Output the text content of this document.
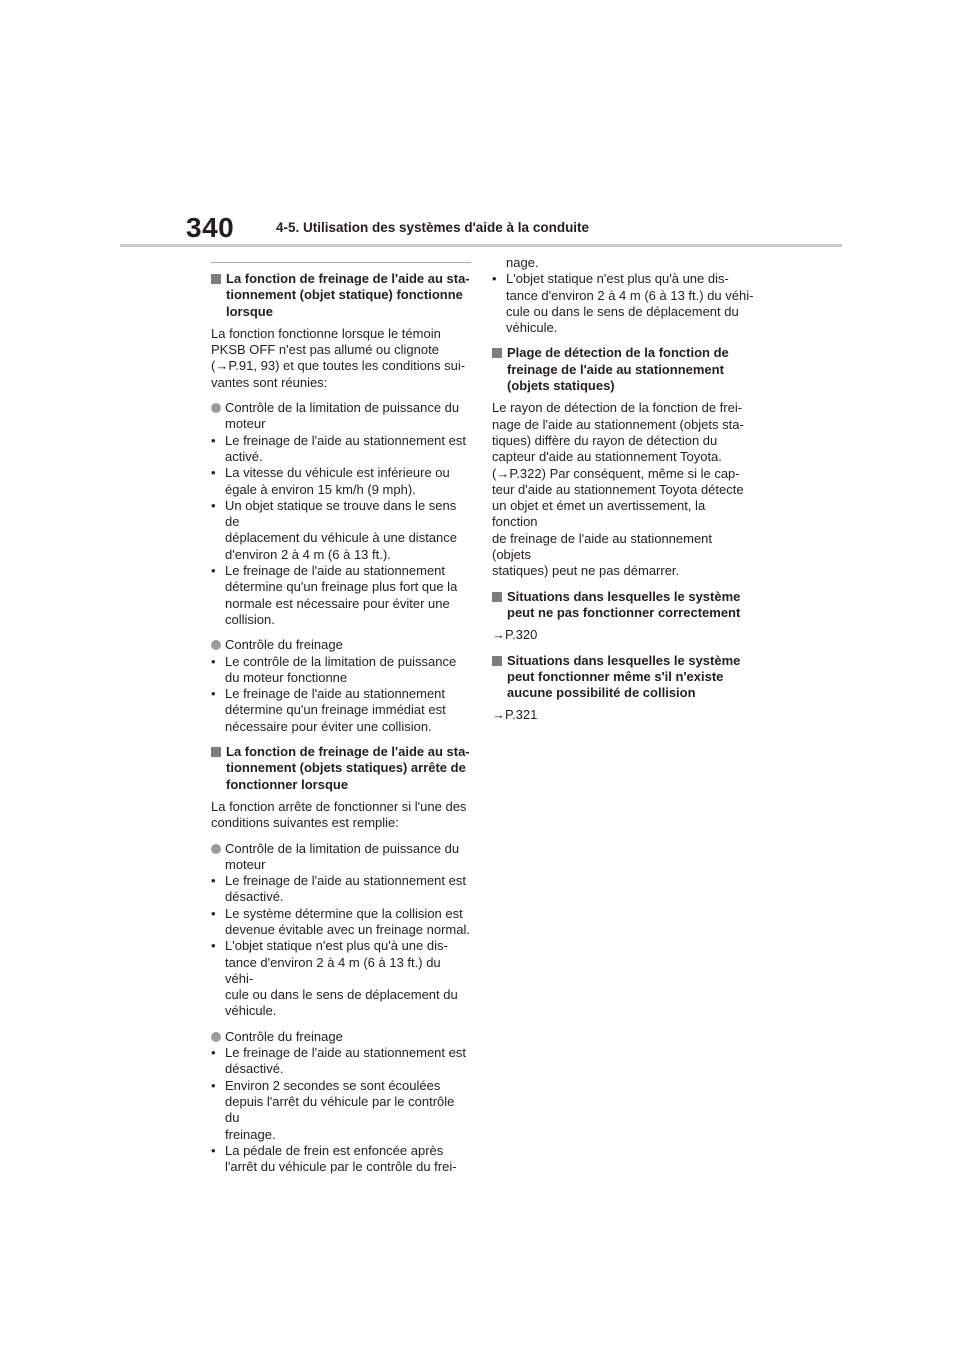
340	4-5. Utilisation des systèmes d'aide à la conduite
La fonction de freinage de l'aide au sta-
tionnement (objet statique) fonctionne
lorsque
La fonction fonctionne lorsque le témoin
PKSB OFF n'est pas allumé ou clignote
(→P.91, 93) et que toutes les conditions sui-
vantes sont réunies:
Contrôle de la limitation de puissance du
moteur
• Le freinage de l'aide au stationnement est
activé.
• La vitesse du véhicule est inférieure ou
égale à environ 15 km/h (9 mph).
• Un objet statique se trouve dans le sens de
déplacement du véhicule à une distance
d'environ 2 à 4 m (6 à 13 ft.).
• Le freinage de l'aide au stationnement
détermine qu'un freinage plus fort que la
normale est nécessaire pour éviter une
collision.
Contrôle du freinage
• Le contrôle de la limitation de puissance
du moteur fonctionne
• Le freinage de l'aide au stationnement
détermine qu'un freinage immédiat est
nécessaire pour éviter une collision.
La fonction de freinage de l'aide au sta-
tionnement (objets statiques) arrête de
fonctionner lorsque
La fonction arrête de fonctionner si l'une des
conditions suivantes est remplie:
Contrôle de la limitation de puissance du
moteur
• Le freinage de l'aide au stationnement est
désactivé.
• Le système détermine que la collision est
devenue évitable avec un freinage normal.
• L'objet statique n'est plus qu'à une dis-
tance d'environ 2 à 4 m (6 à 13 ft.) du véhi-
cule ou dans le sens de déplacement du
véhicule.
Contrôle du freinage
• Le freinage de l'aide au stationnement est
désactivé.
• Environ 2 secondes se sont écoulées
depuis l'arrêt du véhicule par le contrôle du
freinage.
• La pédale de frein est enfoncée après
l'arrêt du véhicule par le contrôle du frei-
nage.
• L'objet statique n'est plus qu'à une dis-
tance d'environ 2 à 4 m (6 à 13 ft.) du véhi-
cule ou dans le sens de déplacement du
véhicule.
Plage de détection de la fonction de
freinage de l'aide au stationnement
(objets statiques)
Le rayon de détection de la fonction de frei-
nage de l'aide au stationnement (objets sta-
tiques) diffère du rayon de détection du
capteur d'aide au stationnement Toyota.
(→P.322) Par conséquent, même si le cap-
teur d'aide au stationnement Toyota détecte
un objet et émet un avertissement, la fonction
de freinage de l'aide au stationnement (objets
statiques) peut ne pas démarrer.
Situations dans lesquelles le système
peut ne pas fonctionner correctement
→P.320
Situations dans lesquelles le système
peut fonctionner même s'il n'existe
aucune possibilité de collision
→P.321
